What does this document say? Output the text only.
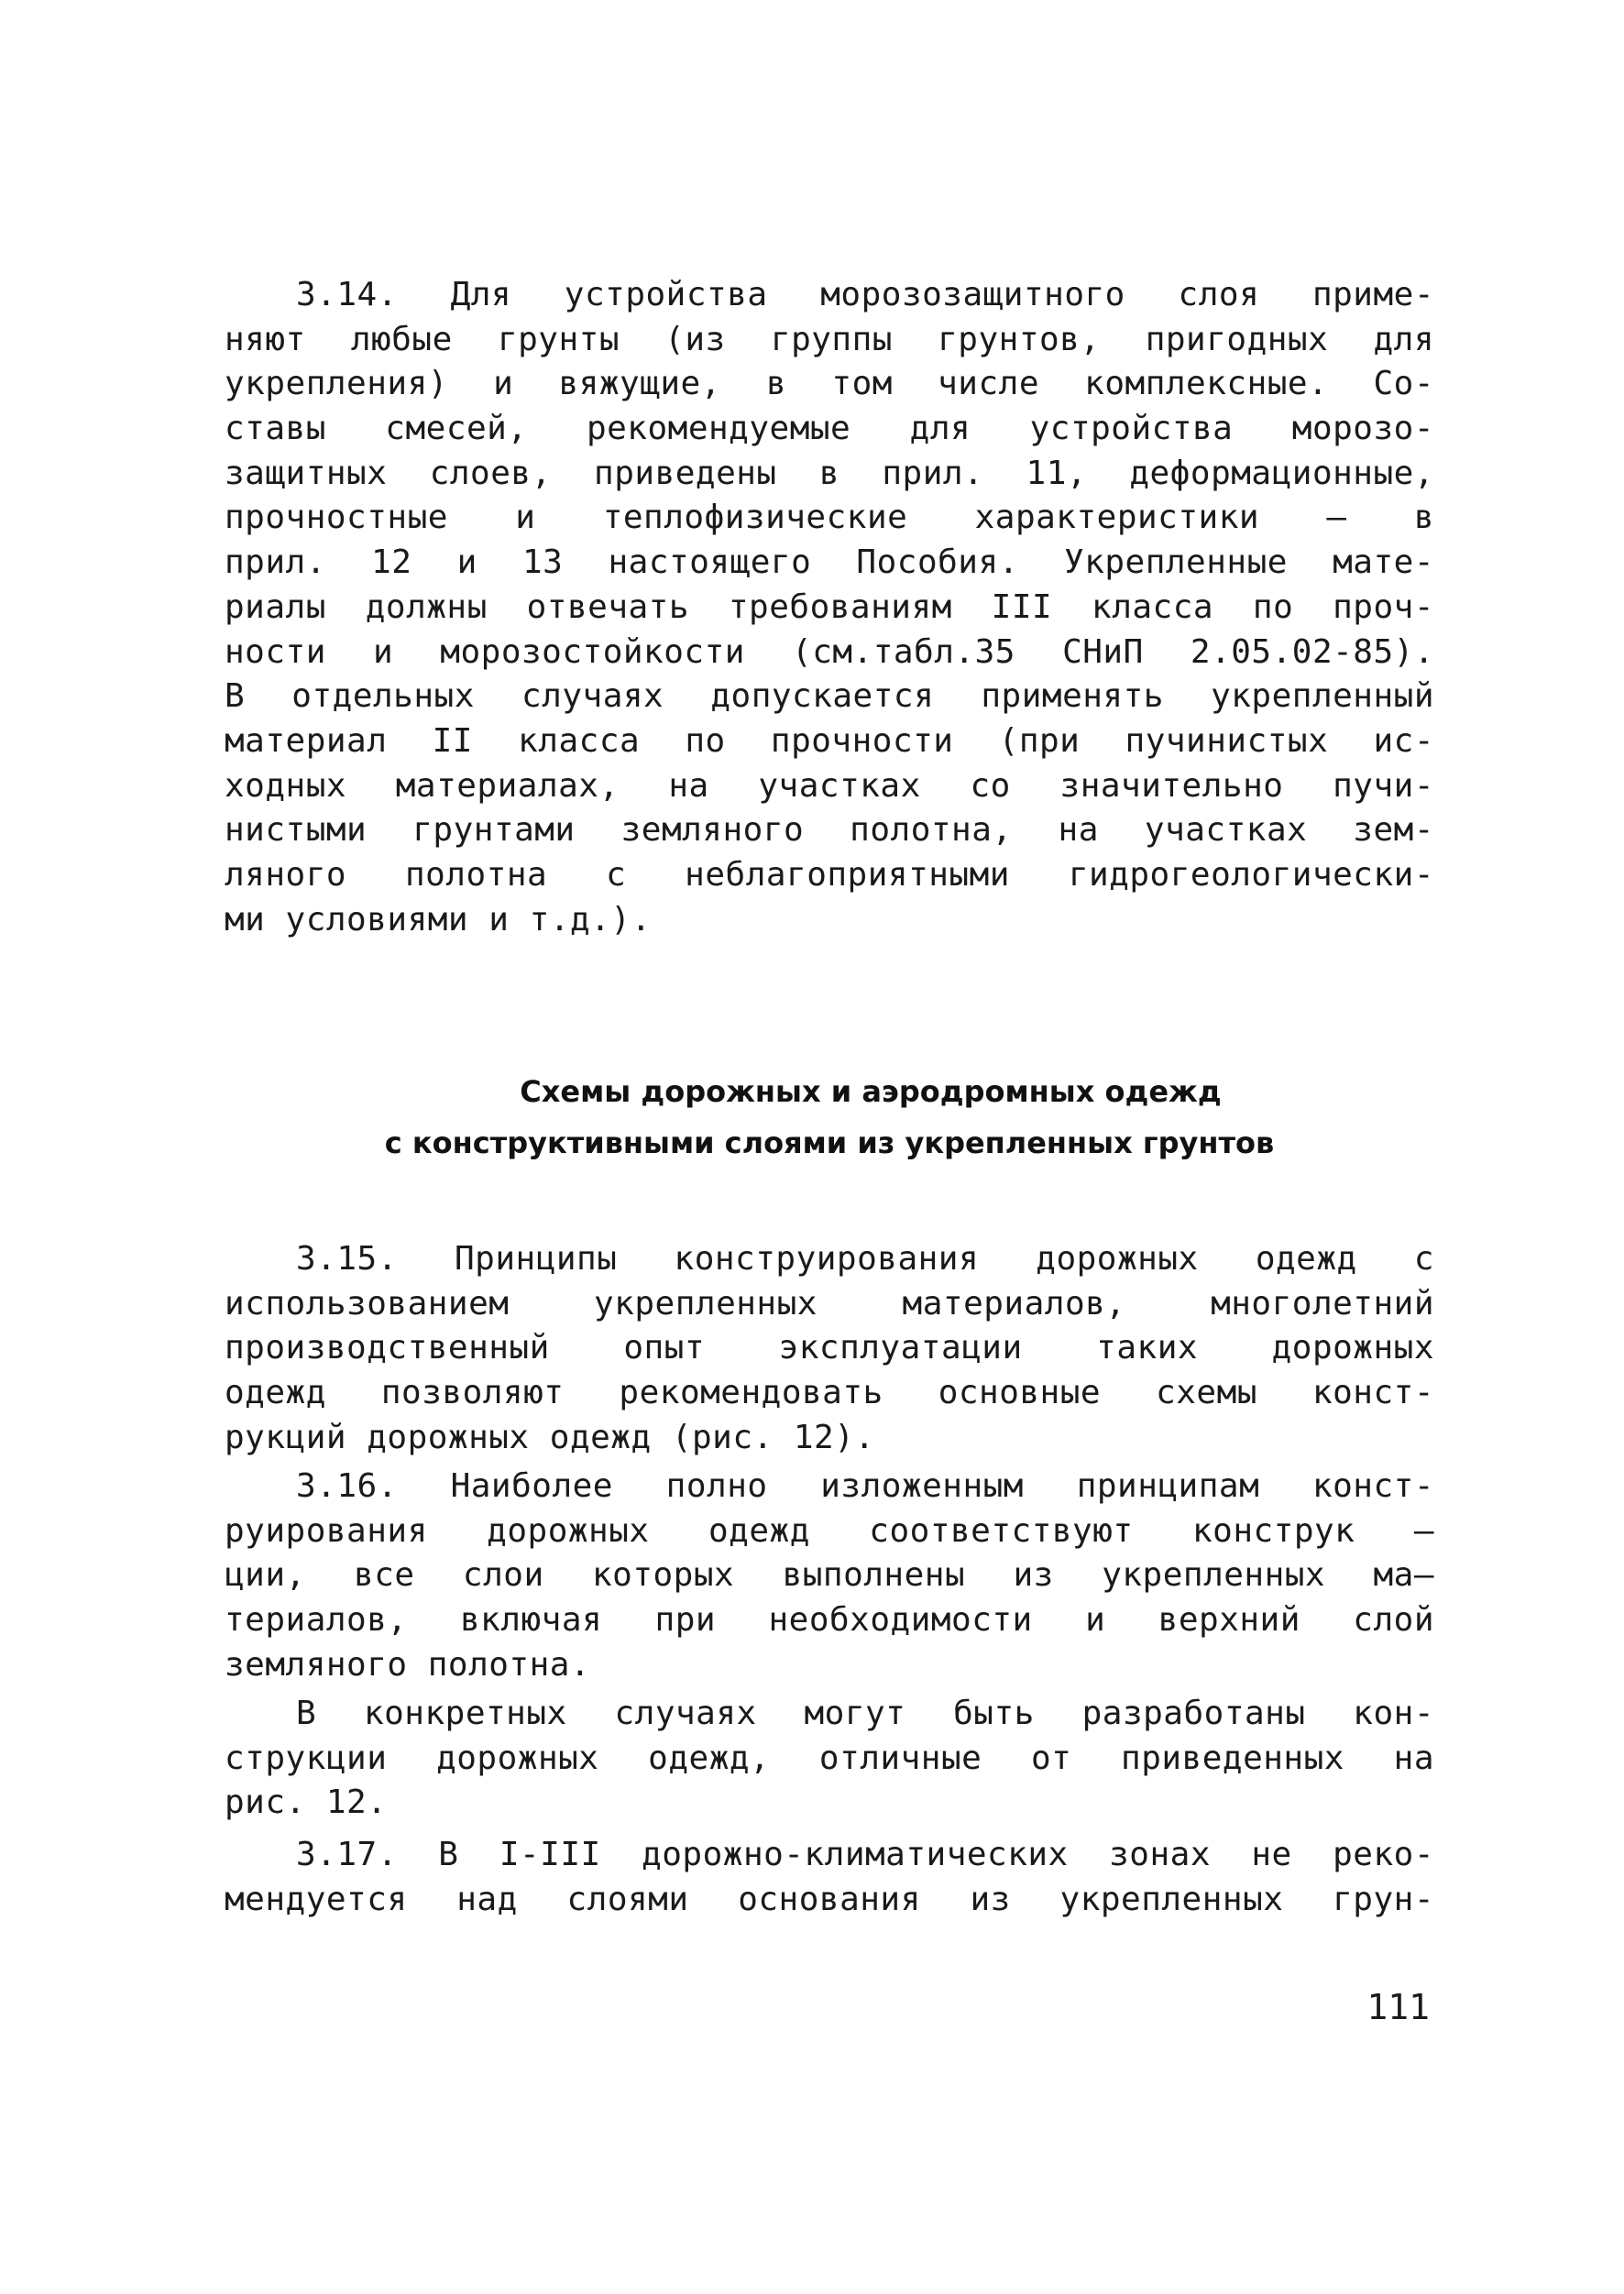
3.14. Для устройства морозозащитного слоя приме-
няют любые грунты (из группы грунтов, пригодных для
укрепления) и вяжущие, в том числе комплексные. Со-
ставы смесей, рекомендуемые для устройства морозо-
защитных слоев, приведены в прил. 11, деформационные,
прочностные и теплофизические характеристики – в
прил. 12 и 13 настоящего Пособия. Укрепленные мате-
риалы должны отвечать требованиям III класса по проч-
ности и морозостойкости (см.табл.35 СНиП 2.05.02-85).
В отдельных случаях допускается применять укрепленный
материал II класса по прочности (при пучинистых ис-
ходных материалах, на участках со значительно пучи-
нистыми грунтами земляного полотна, на участках зем-
ляного полотна с неблагоприятными гидрогеологически-
ми условиями и т.д.).
Схемы дорожных и аэродромных одежд
с конструктивными слоями из укрепленных грунтов
3.15. Принципы конструирования дорожных одежд с
использованием укрепленных материалов, многолетний
производственный опыт эксплуатации таких дорожных
одежд позволяют рекомендовать основные схемы конст-
рукций дорожных одежд (рис. 12).
3.16. Наиболее полно изложенным принципам конст-
руирования дорожных одежд соответствуют конструк –
ции, все слои которых выполнены из укрепленных ма–
териалов, включая при необходимости и верхний слой
земляного полотна.
В конкретных случаях могут быть разработаны кон-
струкции дорожных одежд, отличные от приведенных на
рис. 12.
3.17. В I-III дорожно-климатических зонах не реко-
мендуется над слоями основания из укрепленных грун-
111
